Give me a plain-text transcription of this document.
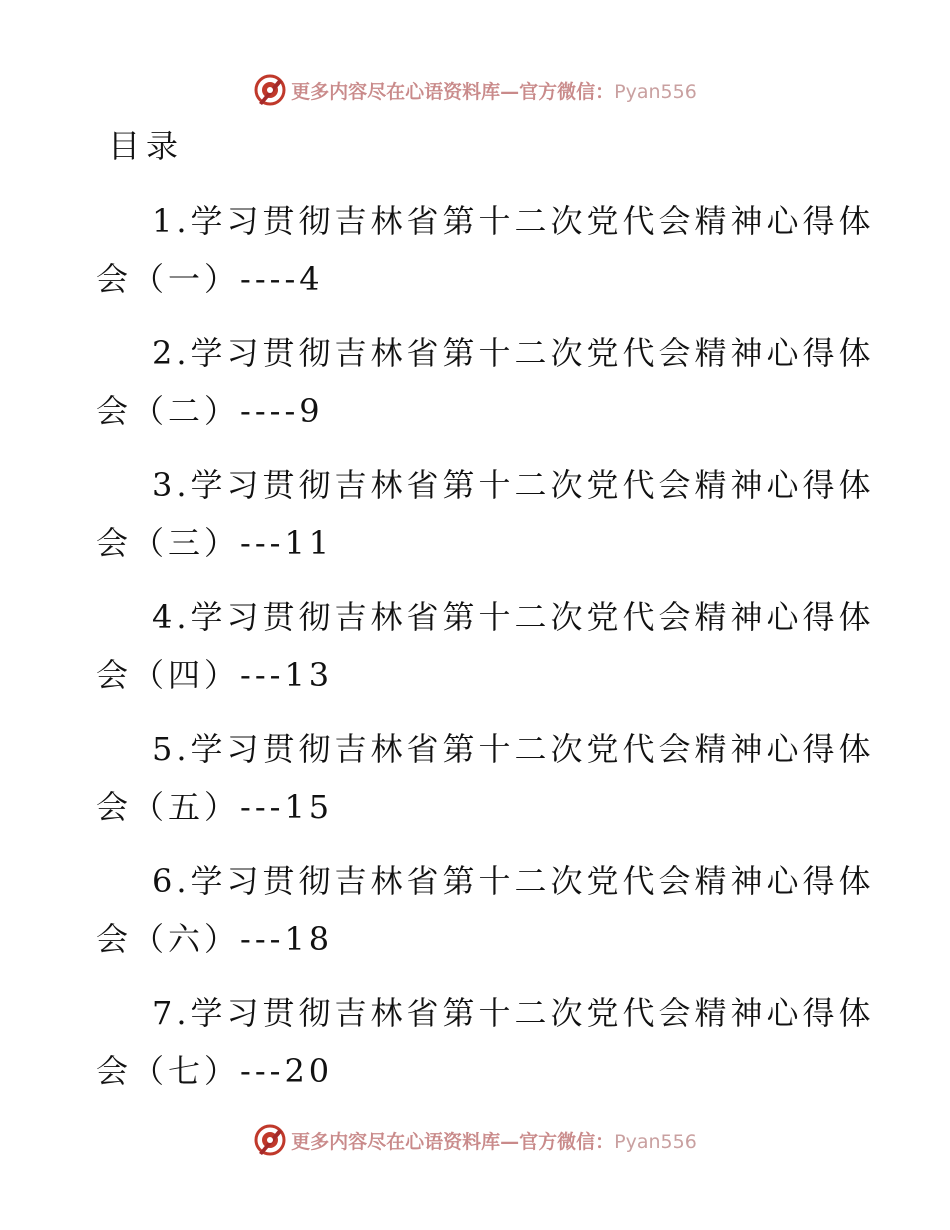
更多内容尽在心语资料库—官方微信：Pyan556
目录
1.学习贯彻吉林省第十二次党代会精神心得体
会（一）----4
2.学习贯彻吉林省第十二次党代会精神心得体
会（二）----9
3.学习贯彻吉林省第十二次党代会精神心得体
会（三）---11
4.学习贯彻吉林省第十二次党代会精神心得体
会（四）---13
5.学习贯彻吉林省第十二次党代会精神心得体
会（五）---15
6.学习贯彻吉林省第十二次党代会精神心得体
会（六）---18
7.学习贯彻吉林省第十二次党代会精神心得体
会（七）---20
更多内容尽在心语资料库—官方微信：Pyan556
